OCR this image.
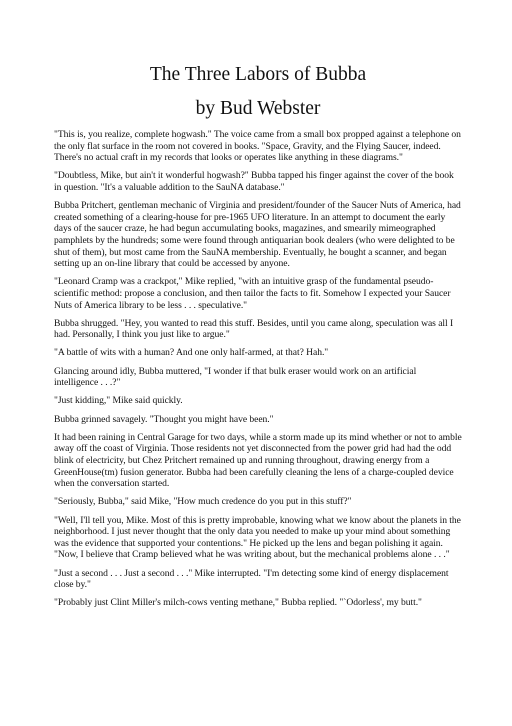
The Three Labors of Bubba
by Bud Webster

"This is, you realize, complete hogwash." The voice came from a small box propped against a telephone on the only flat surface in the room not covered in books. "Space, Gravity, and the Flying Saucer, indeed. There's no actual craft in my records that looks or operates like anything in these diagrams."

"Doubtless, Mike, but ain't it wonderful hogwash?" Bubba tapped his finger against the cover of the book in question. "It's a valuable addition to the SauNA database."

Bubba Pritchert, gentleman mechanic of Virginia and president/founder of the Saucer Nuts of America, had created something of a clearing-house for pre-1965 UFO literature. In an attempt to document the early days of the saucer craze, he had begun accumulating books, magazines, and smearily mimeographed pamphlets by the hundreds; some were found through antiquarian book dealers (who were delighted to be shut of them), but most came from the SauNA membership. Eventually, he bought a scanner, and began setting up an on-line library that could be accessed by anyone.

"Leonard Cramp was a crackpot," Mike replied, "with an intuitive grasp of the fundamental pseudo-scientific method: propose a conclusion, and then tailor the facts to fit. Somehow I expected your Saucer Nuts of America library to be less . . . speculative."

Bubba shrugged. "Hey, you wanted to read this stuff. Besides, until you came along, speculation was all I had. Personally, I think you just like to argue."

"A battle of wits with a human? And one only half-armed, at that? Hah."

Glancing around idly, Bubba muttered, "I wonder if that bulk eraser would work on an artificial intelligence . . .?"

"Just kidding," Mike said quickly.

Bubba grinned savagely. "Thought you might have been."

It had been raining in Central Garage for two days, while a storm made up its mind whether or not to amble away off the coast of Virginia. Those residents not yet disconnected from the power grid had had the odd blink of electricity, but Chez Pritchert remained up and running throughout, drawing energy from a GreenHouse(tm) fusion generator. Bubba had been carefully cleaning the lens of a charge-coupled device when the conversation started.

"Seriously, Bubba," said Mike, "How much credence do you put in this stuff?"

"Well, I'll tell you, Mike. Most of this is pretty improbable, knowing what we know about the planets in the neighborhood. I just never thought that the only data you needed to make up your mind about something was the evidence that supported your contentions." He picked up the lens and began polishing it again. "Now, I believe that Cramp believed what he was writing about, but the mechanical problems alone . . ."

"Just a second . . . Just a second . . ." Mike interrupted. "I'm detecting some kind of energy displacement close by."

"Probably just Clint Miller's milch-cows venting methane," Bubba replied. "`Odorless', my butt."
